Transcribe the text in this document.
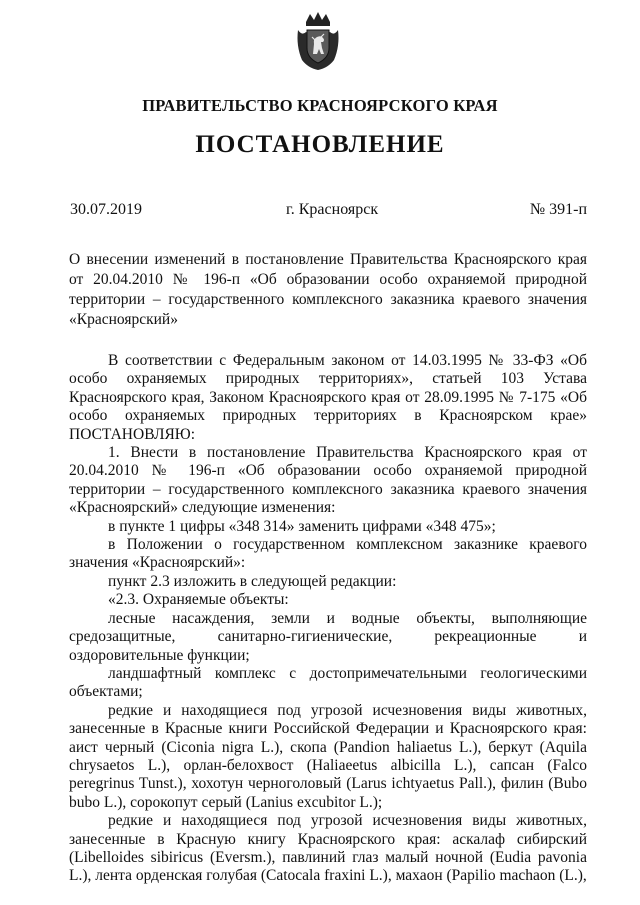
ПРАВИТЕЛЬСТВО КРАСНОЯРСКОГО КРАЯ
ПОСТАНОВЛЕНИЕ
30.07.2019	г. Красноярск	№ 391-п
О внесении изменений в постановление Правительства Красноярского края от 20.04.2010 № 196-п «Об образовании особо охраняемой природной территории – государственного комплексного заказника краевого значения «Красноярский»

В соответствии с Федеральным законом от 14.03.1995 № 33-ФЗ «Об особо охраняемых природных территориях», статьей 103 Устава Красноярского края, Законом Красноярского края от 28.09.1995 № 7-175 «Об особо охраняемых природных территориях в Красноярском крае» ПОСТАНОВЛЯЮ:

1. Внести в постановление Правительства Красноярского края от 20.04.2010 № 196-п «Об образовании особо охраняемой природной территории – государственного комплексного заказника краевого значения «Красноярский» следующие изменения:

в пункте 1 цифры «348 314» заменить цифрами «348 475»;

в Положении о государственном комплексном заказнике краевого значения «Красноярский»:

пункт 2.3 изложить в следующей редакции:

«2.3. Охраняемые объекты:

лесные насаждения, земли и водные объекты, выполняющие средозащитные, санитарно-гигиенические, рекреационные и оздоровительные функции;

ландшафтный комплекс с достопримечательными геологическими объектами;

редкие и находящиеся под угрозой исчезновения виды животных, занесенные в Красные книги Российской Федерации и Красноярского края: аист черный (Ciconia nigra L.), скопа (Pandion haliaetus L.), беркут (Aquila chrysaetos L.), орлан-белохвост (Haliaeetus albicilla L.), сапсан (Falco peregrinus Tunst.), хохотун черноголовый (Larus ichtyaetus Pall.), филин (Bubo bubo L.), сорокопут серый (Lanius excubitor L.);

редкие и находящиеся под угрозой исчезновения виды животных, занесенные в Красную книгу Красноярского края: аскалаф сибирский (Libelloides sibiricus (Eversm.), павлиний глаз малый ночной (Eudia pavonia L.), лента орденская голубая (Catocala fraxini L.), махаон (Papilio machaon (L.),
